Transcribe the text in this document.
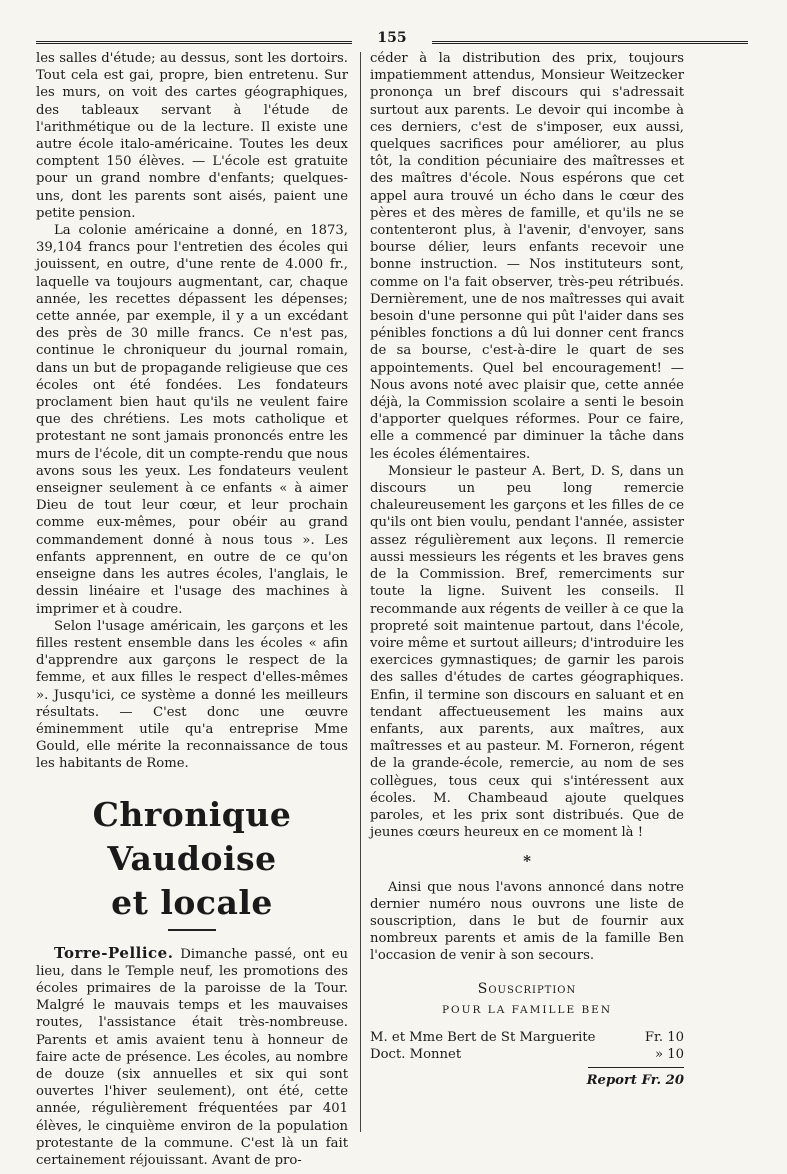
155

les salles d'étude; au dessus, sont les dortoirs. Tout cela est gai, propre, bien entretenu. Sur les murs, on voit des cartes géographiques, des tableaux servant à l'étude de l'arithmétique ou de la lecture. Il existe une autre école italo-américaine. Toutes les deux comptent 150 élèves. — L'école est gratuite pour un grand nombre d'enfants; quelques-uns, dont les parents sont aisés, paient une petite pension.

La colonie américaine a donné, en 1873, 39,104 francs pour l'entretien des écoles qui jouissent, en outre, d'une rente de 4.000 fr., laquelle va toujours augmentant, car, chaque année, les recettes dépassent les dépenses; cette année, par exemple, il y a un excédant des près de 30 mille francs. Ce n'est pas, continue le chroniqueur du journal romain, dans un but de propagande religieuse que ces écoles ont été fondées. Les fondateurs proclament bien haut qu'ils ne veulent faire que des chrétiens. Les mots catholique et protestant ne sont jamais prononcés entre les murs de l'école, dit un compte-rendu que nous avons sous les yeux. Les fondateurs veulent enseigner seulement à ce enfants « à aimer Dieu de tout leur cœur, et leur prochain comme eux-mêmes, pour obéir au grand commandement donné à nous tous ». Les enfants apprennent, en outre de ce qu'on enseigne dans les autres écoles, l'anglais, le dessin linéaire et l'usage des machines à imprimer et à coudre.

Selon l'usage américain, les garçons et les filles restent ensemble dans les écoles « afin d'apprendre aux garçons le respect de la femme, et aux filles le respect d'elles-mêmes ». Jusqu'ici, ce système a donné les meilleurs résultats. — C'est donc une œuvre éminemment utile qu'a entreprise Mme Gould, elle mérite la reconnaissance de tous les habitants de Rome.

Chronique Vaudoise
et locale

Torre-Pellice. Dimanche passé, ont eu lieu, dans le Temple neuf, les promotions des écoles primaires de la paroisse de la Tour. Malgré le mauvais temps et les mauvaises routes, l'assistance était très-nombreuse. Parents et amis avaient tenu à honneur de faire acte de présence. Les écoles, au nombre de douze (six annuelles et six qui sont ouvertes l'hiver seulement), ont été, cette année, régulièrement fréquentées par 401 élèves, le cinquième environ de la population protestante de la commune. C'est là un fait certainement réjouissant. Avant de pro-

céder à la distribution des prix, toujours impatiemment attendus, Monsieur Weitzecker prononça un bref discours qui s'adressait surtout aux parents. Le devoir qui incombe à ces derniers, c'est de s'imposer, eux aussi, quelques sacrifices pour améliorer, au plus tôt, la condition pécuniaire des maîtresses et des maîtres d'école. Nous espérons que cet appel aura trouvé un écho dans le cœur des pères et des mères de famille, et qu'ils ne se contenteront plus, à l'avenir, d'envoyer, sans bourse délier, leurs enfants recevoir une bonne instruction. — Nos instituteurs sont, comme on l'a fait observer, très-peu rétribués. Dernièrement, une de nos maîtresses qui avait besoin d'une personne qui pût l'aider dans ses pénibles fonctions a dû lui donner cent francs de sa bourse, c'est-à-dire le quart de ses appointements. Quel bel encouragement! — Nous avons noté avec plaisir que, cette année déjà, la Commission scolaire a senti le besoin d'apporter quelques réformes. Pour ce faire, elle a commencé par diminuer la tâche dans les écoles élémentaires.

Monsieur le pasteur A. Bert, D. S, dans un discours un peu long remercie chaleureusement les garçons et les filles de ce qu'ils ont bien voulu, pendant l'année, assister assez régulièrement aux leçons. Il remercie aussi messieurs les régents et les braves gens de la Commission. Bref, remerciments sur toute la ligne. Suivent les conseils. Il recommande aux régents de veiller à ce que la propreté soit maintenue partout, dans l'école, voire même et surtout ailleurs; d'introduire les exercices gymnastiques; de garnir les parois des salles d'études de cartes géographiques. Enfin, il termine son discours en saluant et en tendant affectueusement les mains aux enfants, aux parents, aux maîtres, aux maîtresses et au pasteur. M. Forneron, régent de la grande-école, remercie, au nom de ses collègues, tous ceux qui s'intéressent aux écoles. M. Chambeaud ajoute quelques paroles, et les prix sont distribués. Que de jeunes cœurs heureux en ce moment là !

*

Ainsi que nous l'avons annoncé dans notre dernier numéro nous ouvrons une liste de souscription, dans le but de fournir aux nombreux parents et amis de la famille Ben l'occasion de venir à son secours.

Souscription
POUR LA FAMILLE BEN
M. et Mme Bert de St Marguerite	Fr. 10
Doct. Monnet	» 10
Report Fr. 20
